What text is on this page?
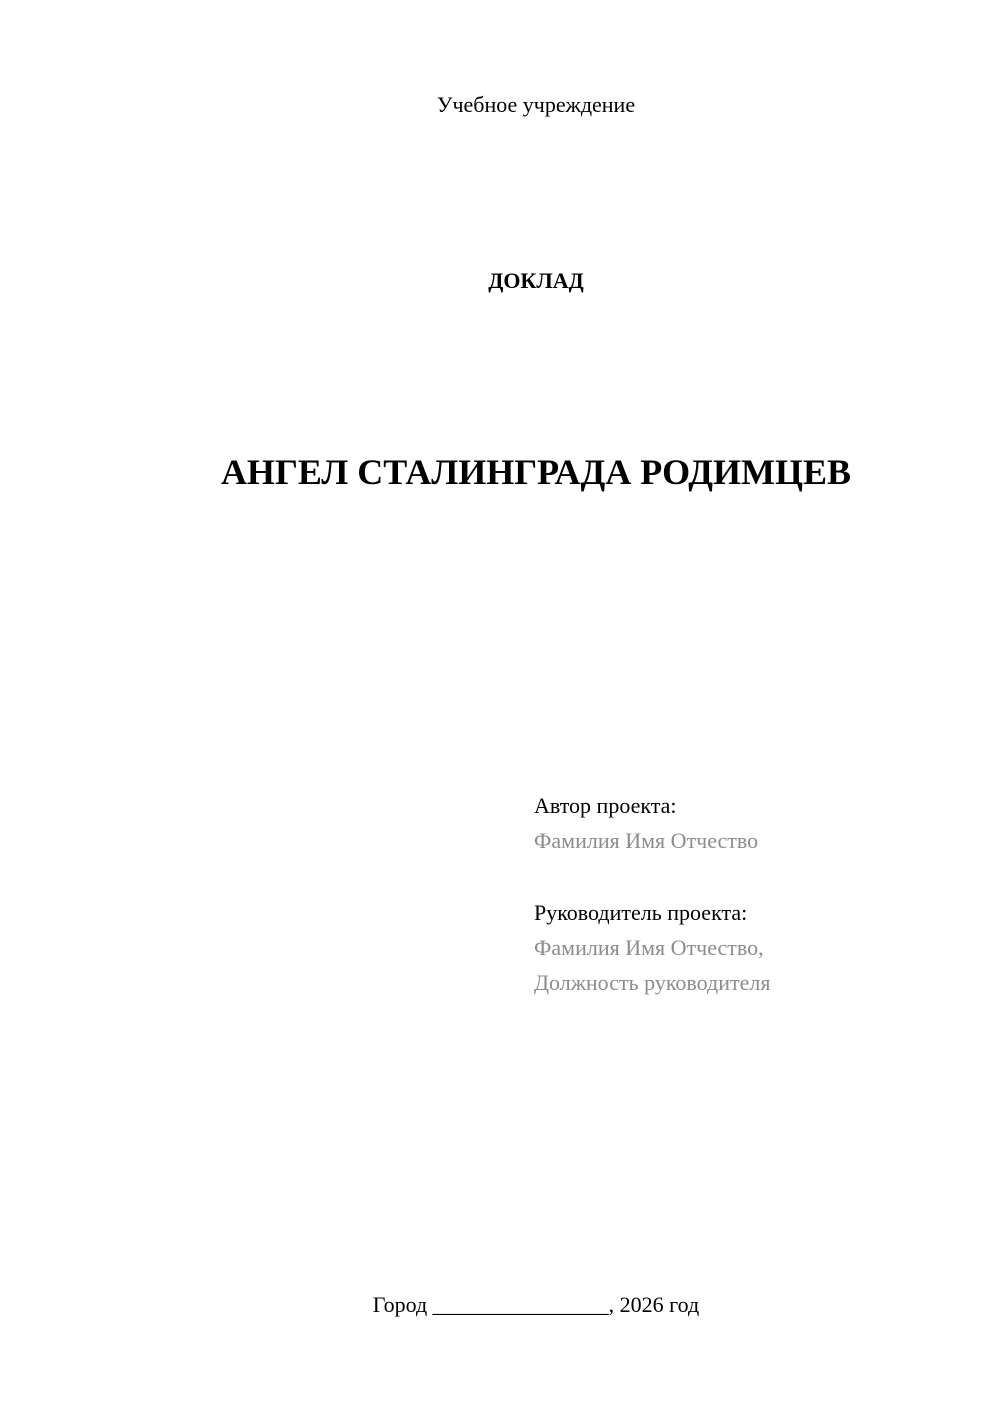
Учебное учреждение
ДОКЛАД
АНГЕЛ СТАЛИНГРАДА РОДИМЦЕВ
Автор проекта:
Фамилия Имя Отчество
Руководитель проекта:
Фамилия Имя Отчество,
Должность руководителя
Город ________________, 2026 год
